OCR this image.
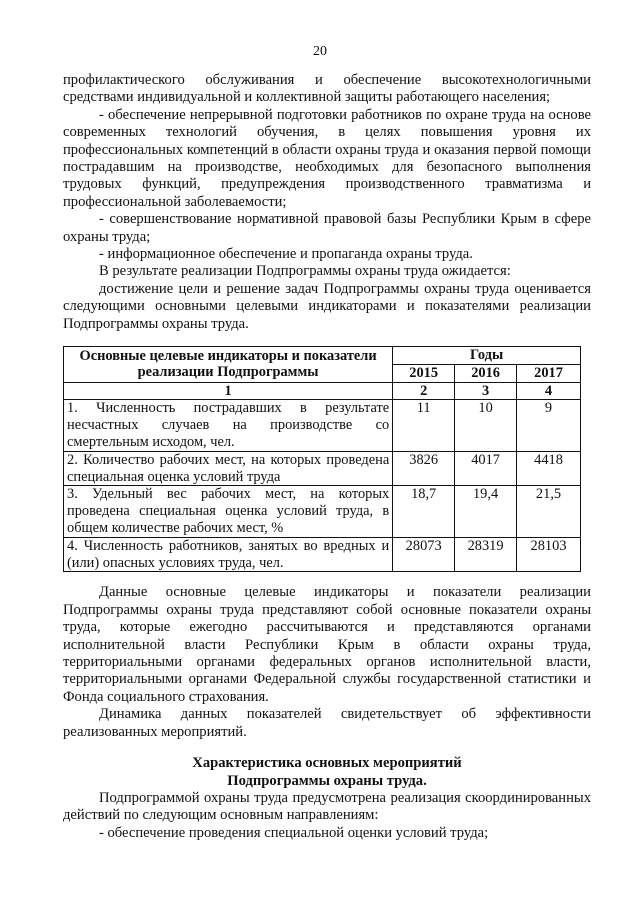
20

профилактического обслуживания и обеспечение высокотехнологичными средствами индивидуальной и коллективной защиты работающего населения;

- обеспечение непрерывной подготовки работников по охране труда на основе современных технологий обучения, в целях повышения уровня их профессиональных компетенций в области охраны труда и оказания первой помощи пострадавшим на производстве, необходимых для безопасного выполнения трудовых функций, предупреждения производственного травматизма и профессиональной заболеваемости;

- совершенствование нормативной правовой базы Республики Крым в сфере охраны труда;

- информационное обеспечение и пропаганда охраны труда.

В результате реализации Подпрограммы охраны труда ожидается:

достижение цели и решение задач Подпрограммы охраны труда оценивается следующими основными целевыми индикаторами и показателями реализации Подпрограммы охраны труда.

Основные целевые индикаторы и показатели реализации Подпрограммы	Годы		
	2015	2016	2017
1	2	3	4
1. Численность пострадавших в результате несчастных случаев на производстве со смертельным исходом, чел.	11	10	9
2. Количество рабочих мест, на которых проведена специальная оценка условий труда	3826	4017	4418
3. Удельный вес рабочих мест, на которых проведена специальная оценка условий труда, в общем количестве рабочих мест, %	18,7	19,4	21,5
4. Численность работников, занятых во вредных и (или) опасных условиях труда, чел.	28073	28319	28103

Данные основные целевые индикаторы и показатели реализации Подпрограммы охраны труда представляют собой основные показатели охраны труда, которые ежегодно рассчитываются и представляются органами исполнительной власти Республики Крым в области охраны труда, территориальными органами федеральных органов исполнительной власти, территориальными органами Федеральной службы государственной статистики и Фонда социального страхования.

Динамика данных показателей свидетельствует об эффективности реализованных мероприятий.

Характеристика основных мероприятий
Подпрограммы охраны труда.

Подпрограммой охраны труда предусмотрена реализация скоординированных действий по следующим основным направлениям:

- обеспечение проведения специальной оценки условий труда;
